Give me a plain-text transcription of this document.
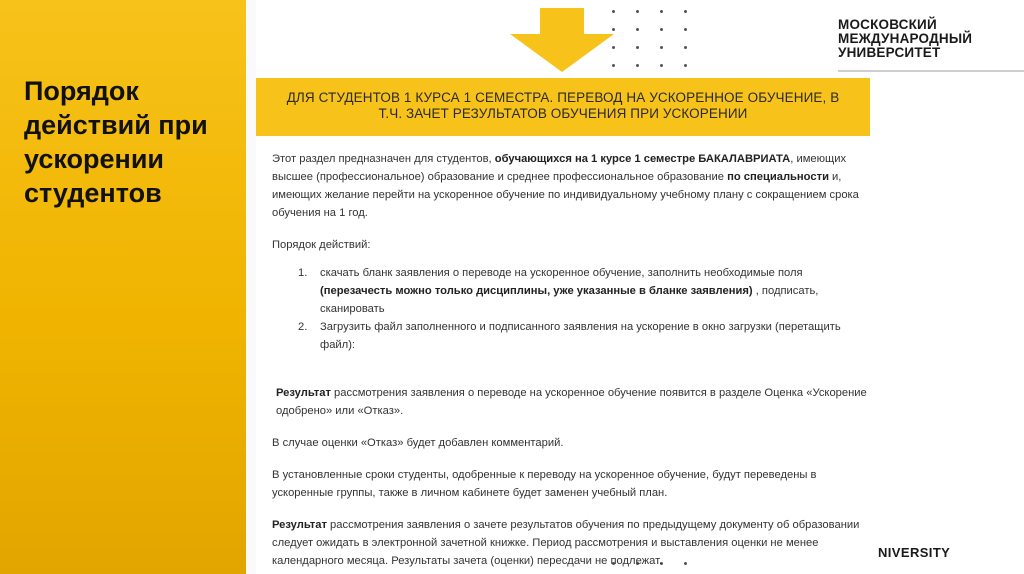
Порядок действий при ускорении студентов
МОСКОВСКИЙ
МЕЖДУНАРОДНЫЙ
УНИВЕРСИТЕТ
ДЛЯ СТУДЕНТОВ 1 КУРСА 1 СЕМЕСТРА. ПЕРЕВОД НА УСКОРЕННОЕ ОБУЧЕНИЕ, В
Т.Ч. ЗАЧЕТ РЕЗУЛЬТАТОВ ОБУЧЕНИЯ ПРИ УСКОРЕНИИ

Этот раздел предназначен для студентов, обучающихся на 1 курсе 1 семестре БАКАЛАВРИАТА, имеющих высшее (профессиональное) образование и среднее профессиональное образование по специальности и, имеющих желание перейти на ускоренное обучение по индивидуальному учебному плану с сокращением срока обучения на 1 год.

Порядок действий:

1. скачать бланк заявления о переводе на ускоренное обучение, заполнить необходимые поля (перезачесть можно только дисциплины, уже указанные в бланке заявления) , подписать, сканировать
2. Загрузить файл заполненного и подписанного заявления на ускорение в окно загрузки (перетащить файл):

Результат рассмотрения заявления о переводе на ускоренное обучение появится в разделе Оценка «Ускорение одобрено» или «Отказ».

В случае оценки «Отказ» будет добавлен комментарий.

В установленные сроки студенты, одобренные к переводу на ускоренное обучение, будут переведены в ускоренные группы, также в личном кабинете будет заменен учебный план.

Результат рассмотрения заявления о зачете результатов обучения по предыдущему документу об образовании следует ожидать в электронной зачетной книжке. Период рассмотрения и выставления оценки не менее календарного месяца. Результаты зачета (оценки) пересдачи не подлежат.

NIVERSITY
